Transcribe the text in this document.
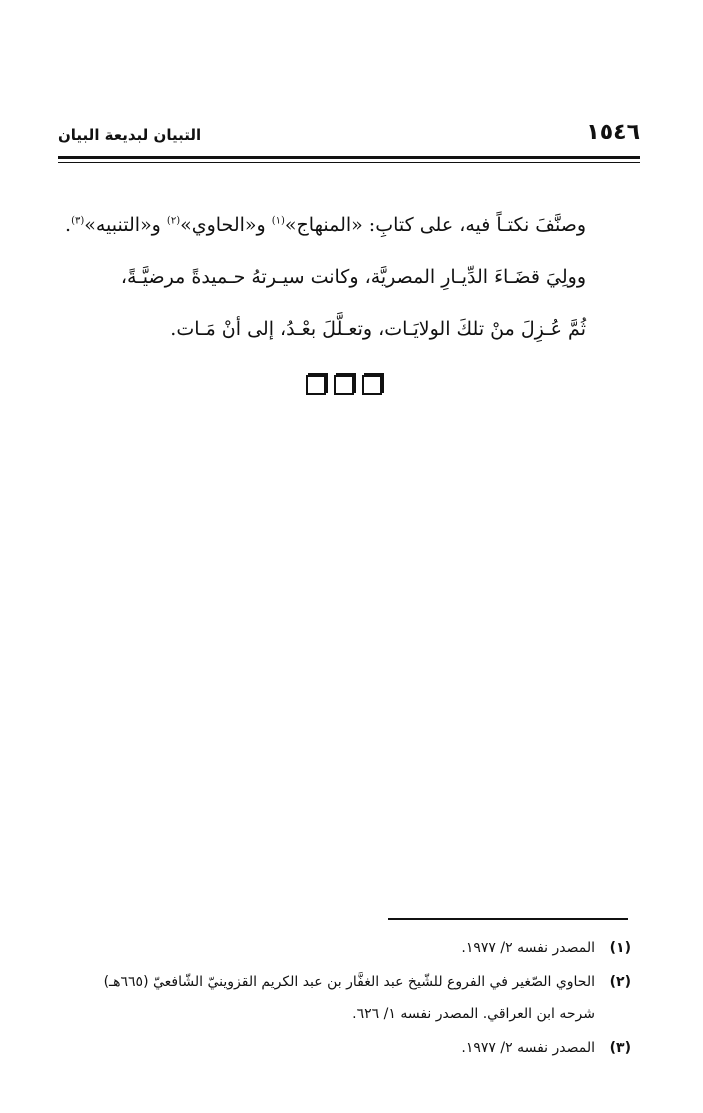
١٥٤٦
التبيان لبديعة البيان
وصنَّفَ نكتـاً فيه، على كتابِ: «المنهاج»$^{(١)}$ و«الحاوي»$^{(٢)}$ و«التنبيه»$^{(٣)}$.
وولِيَ قضَـاءَ الدِّيـارِ المصريَّة، وكانت سيـرتهُ حـميدةً مرضيَّـةً،
ثُمَّ عُـزِلَ منْ تلكَ الولايَـات، وتعـلَّلَ بعْـدُ، إلى أنْ مَـات.
(١)
المصدر نفسه ٢/ ١٩٧٧.
(٢)
الحاوي الصّغير في الفروع للشّيخ عبد الغفَّار بن عبد الكريم القزوينيّ الشّافعيّ (٦٦٥هـ)
شرحه ابن العراقي. المصدر نفسه ١/ ٦٢٦.
(٣)
المصدر نفسه ٢/ ١٩٧٧.
